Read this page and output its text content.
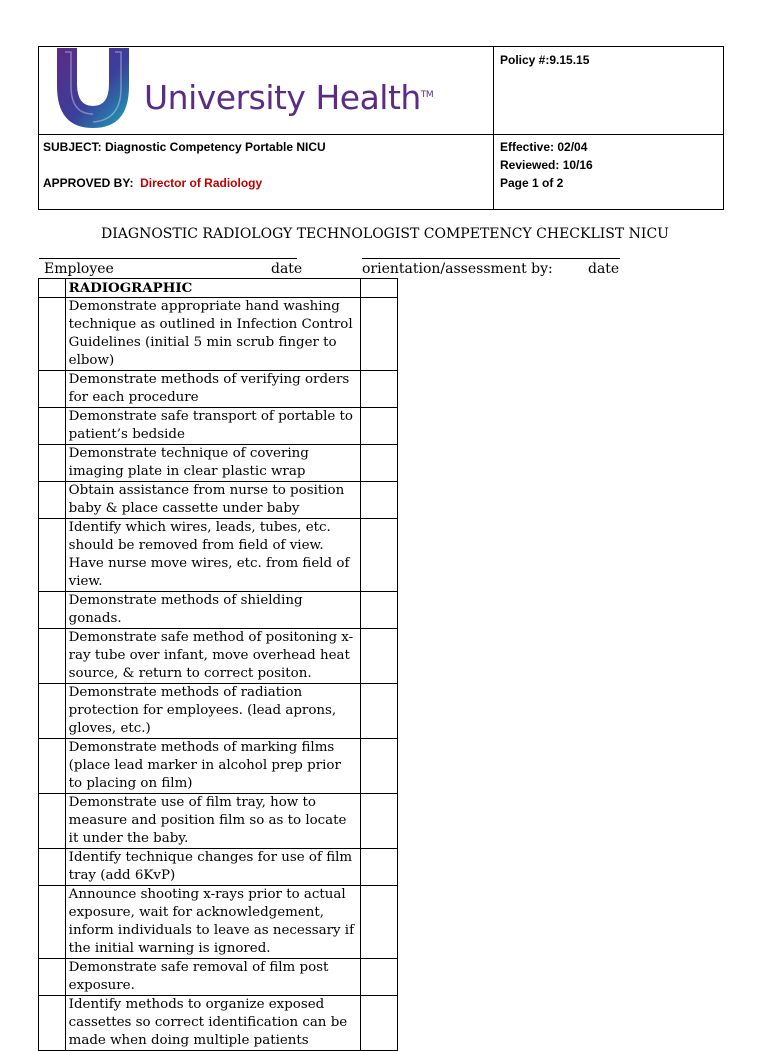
University Health™
Policy #:9.15.15
SUBJECT: Diagnostic Competency Portable NICU
APPROVED BY: Director of Radiology
Effective: 02/04
Reviewed: 10/16
Page 1 of 2
DIAGNOSTIC RADIOLOGY TECHNOLOGIST COMPETENCY CHECKLIST NICU
Employee	date	orientation/assessment by:	date
	RADIOGRAPHIC	
	Demonstrate appropriate hand washing technique as outlined in Infection Control Guidelines (initial 5 min scrub finger to elbow)	
	Demonstrate methods of verifying orders for each procedure	
	Demonstrate safe transport of portable to patient’s bedside	
	Demonstrate technique of covering imaging plate in clear plastic wrap	
	Obtain assistance from nurse to position baby & place cassette under baby	
	Identify which wires, leads, tubes, etc. should be removed from field of view. Have nurse move wires, etc. from field of view.	
	Demonstrate methods of shielding gonads.	
	Demonstrate safe method of positoning x-ray tube over infant, move overhead heat source, & return to correct positon.	
	Demonstrate methods of radiation protection for employees. (lead aprons, gloves, etc.)	
	Demonstrate methods of marking films (place lead marker in alcohol prep prior to placing on film)	
	Demonstrate use of film tray, how to measure and position film so as to locate it under the baby.	
	Identify technique changes for use of film tray (add 6KvP)	
	Announce shooting x-rays prior to actual exposure, wait for acknowledgement, inform individuals to leave as necessary if the initial warning is ignored.	
	Demonstrate safe removal of film post exposure.	
	Identify methods to organize exposed cassettes so correct identification can be made when doing multiple patients	
